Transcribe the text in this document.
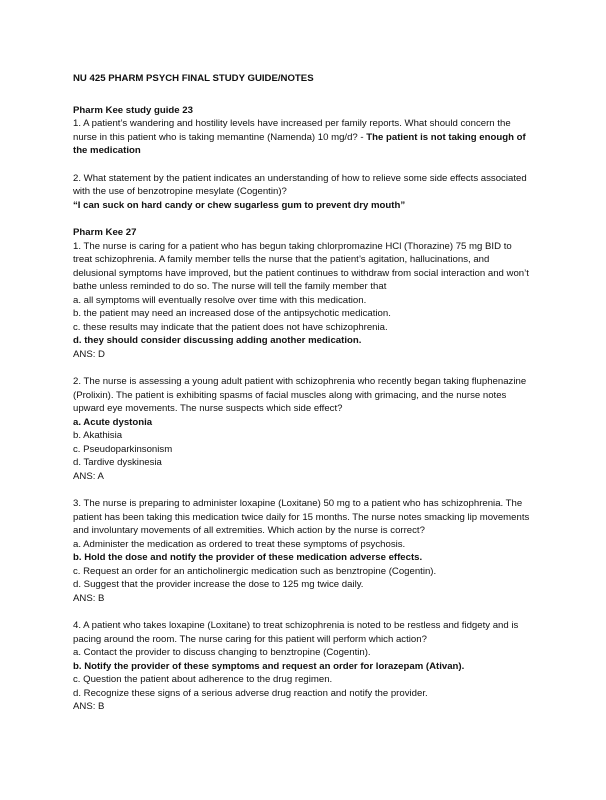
NU 425 PHARM PSYCH FINAL STUDY GUIDE/NOTES

Pharm Kee study guide 23

1. A patient’s wandering and hostility levels have increased per family reports. What should concern the nurse in this patient who is taking memantine (Namenda) 10 mg/d? - The patient is not taking enough of the medication

2. What statement by the patient indicates an understanding of how to relieve some side effects associated with the use of benzotropine mesylate (Cogentin)?

“I can suck on hard candy or chew sugarless gum to prevent dry mouth”

Pharm Kee 27

1. The nurse is caring for a patient who has begun taking chlorpromazine HCl (Thorazine) 75 mg BID to treat schizophrenia. A family member tells the nurse that the patient’s agitation, hallucinations, and delusional symptoms have improved, but the patient continues to withdraw from social interaction and won’t bathe unless reminded to do so. The nurse will tell the family member that

a. all symptoms will eventually resolve over time with this medication.

b. the patient may need an increased dose of the antipsychotic medication.

c. these results may indicate that the patient does not have schizophrenia.

d. they should consider discussing adding another medication.

ANS: D

2. The nurse is assessing a young adult patient with schizophrenia who recently began taking fluphenazine (Prolixin). The patient is exhibiting spasms of facial muscles along with grimacing, and the nurse notes upward eye movements. The nurse suspects which side effect?

a. Acute dystonia

b. Akathisia

c. Pseudoparkinsonism

d. Tardive dyskinesia

ANS: A

3. The nurse is preparing to administer loxapine (Loxitane) 50 mg to a patient who has schizophrenia. The patient has been taking this medication twice daily for 15 months. The nurse notes smacking lip movements and involuntary movements of all extremities. Which action by the nurse is correct?

a. Administer the medication as ordered to treat these symptoms of psychosis.

b. Hold the dose and notify the provider of these medication adverse effects.

c. Request an order for an anticholinergic medication such as benztropine (Cogentin).

d. Suggest that the provider increase the dose to 125 mg twice daily.

ANS: B

4. A patient who takes loxapine (Loxitane) to treat schizophrenia is noted to be restless and fidgety and is pacing around the room. The nurse caring for this patient will perform which action?

a. Contact the provider to discuss changing to benztropine (Cogentin).

b. Notify the provider of these symptoms and request an order for lorazepam (Ativan).

c. Question the patient about adherence to the drug regimen.

d. Recognize these signs of a serious adverse drug reaction and notify the provider.

ANS: B
